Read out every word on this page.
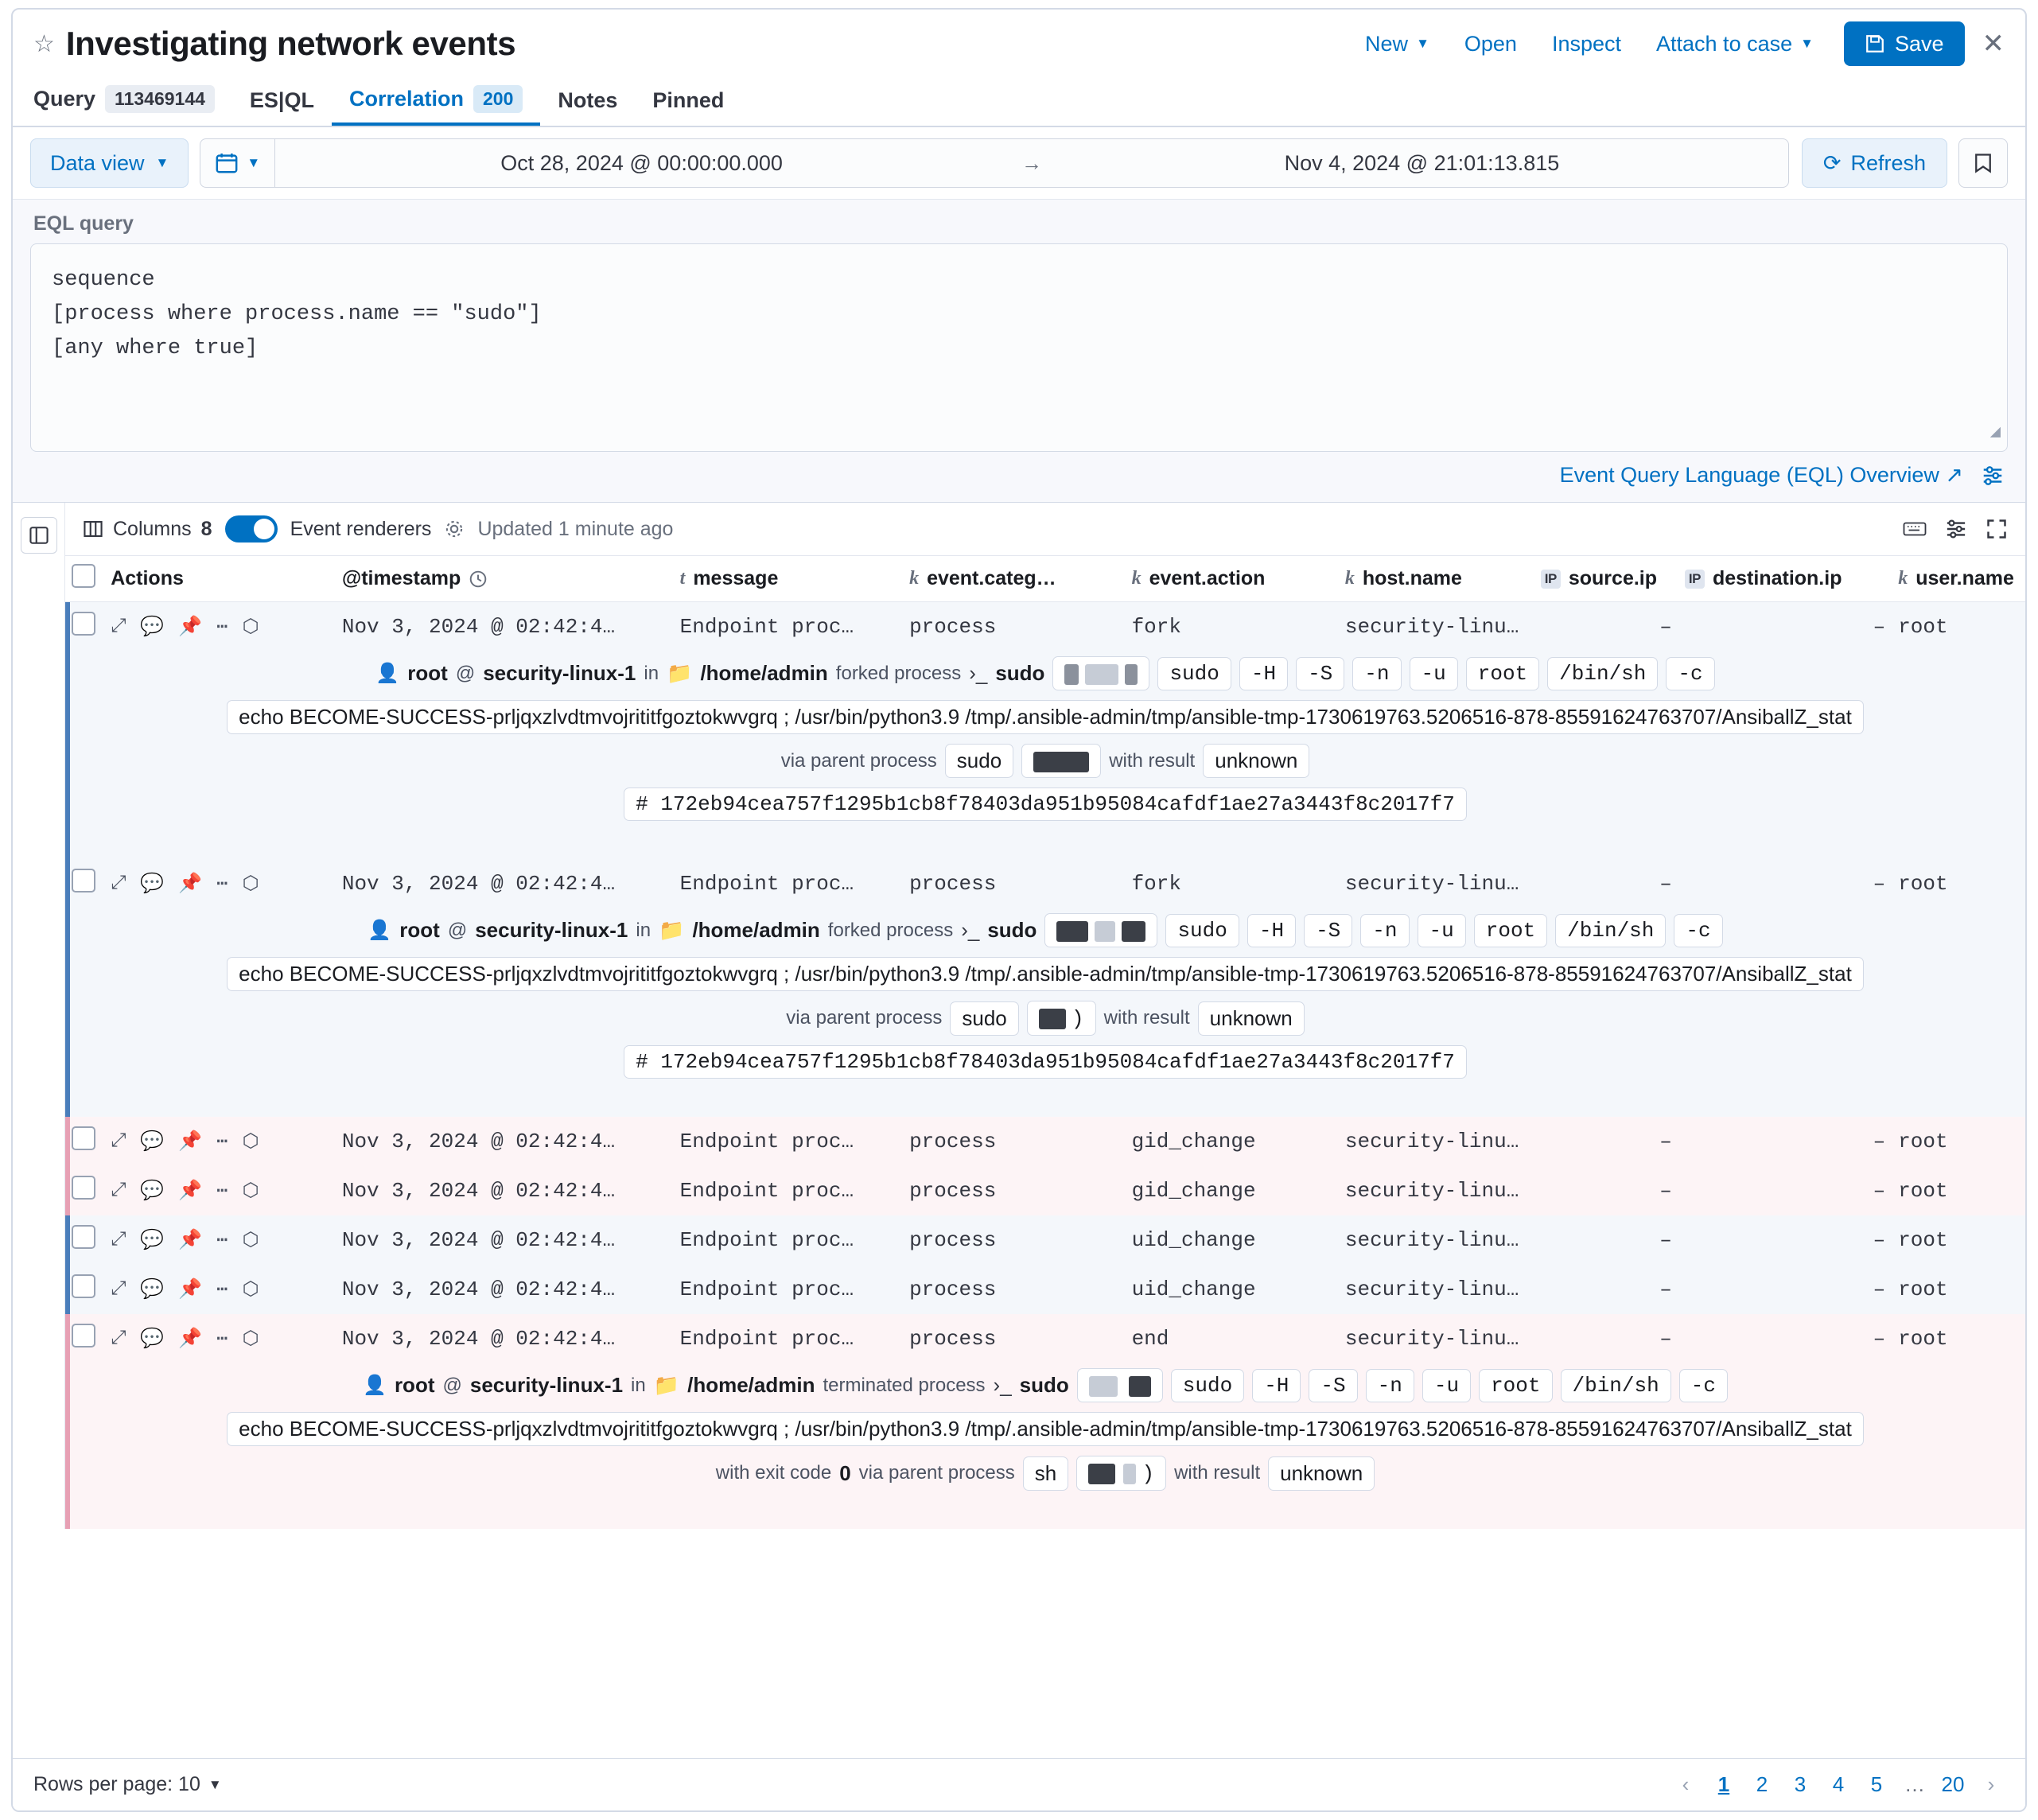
☆ Investigating network events	New ▼ Open Inspect Attach to case ▼	Save ✕
Query	113469144	ES|QL Correlation	200	Notes Pinned
Data view ▼	▼	Oct 28, 2024 @ 00:00:00.000	→	Nov 4, 2024 @ 21:01:13.815	⟳ Refresh
EQL query
sequence
[process where process.name == "sudo"]
[any where true]
◢
Event Query Language (EQL) Overview ↗
Columns 8	Event renderers Updated 1 minute ago

	Actions	@timestamp	t message	k event.categ…	k event.action	k host.name	IP source.ip	IP destination.ip	k user.name

	⤢ 💬 📌 ⋯ ⬡	Nov 3, 2024 @ 02:42:4…	Endpoint proc…	process	fork	security-linu…	–	–	root

👤 root @ security-linux-1 in 📁 /home/admin forked process ›_ sudo	sudo	-H	-S	-n	-u	root	/bin/sh	-c
echo BECOME-SUCCESS-prljqxzlvdtmvojrititfgoztokwvgrq ; /usr/bin/python3.9 /tmp/.ansible-admin/tmp/ansible-tmp-1730619763.5206516-878-85591624763707/AnsiballZ_stat
via parent process sudo	with result unknown
# 172eb94cea757f1295b1cb8f78403da951b95084cafdf1ae27a3443f8c2017f7

	⤢ 💬 📌 ⋯ ⬡	Nov 3, 2024 @ 02:42:4…	Endpoint proc…	process	fork	security-linu…	–	–	root

👤 root @ security-linux-1 in 📁 /home/admin forked process ›_ sudo	sudo	-H	-S	-n	-u	root	/bin/sh	-c
echo BECOME-SUCCESS-prljqxzlvdtmvojrititfgoztokwvgrq ; /usr/bin/python3.9 /tmp/.ansible-admin/tmp/ansible-tmp-1730619763.5206516-878-85591624763707/AnsiballZ_stat
via parent process sudo	)	with result unknown
# 172eb94cea757f1295b1cb8f78403da951b95084cafdf1ae27a3443f8c2017f7

	⤢ 💬 📌 ⋯ ⬡	Nov 3, 2024 @ 02:42:4…	Endpoint proc…	process	gid_change	security-linu…	–	–	root

	⤢ 💬 📌 ⋯ ⬡	Nov 3, 2024 @ 02:42:4…	Endpoint proc…	process	gid_change	security-linu…	–	–	root

	⤢ 💬 📌 ⋯ ⬡	Nov 3, 2024 @ 02:42:4…	Endpoint proc…	process	uid_change	security-linu…	–	–	root

	⤢ 💬 📌 ⋯ ⬡	Nov 3, 2024 @ 02:42:4…	Endpoint proc…	process	uid_change	security-linu…	–	–	root

	⤢ 💬 📌 ⋯ ⬡	Nov 3, 2024 @ 02:42:4…	Endpoint proc…	process	end	security-linu…	–	–	root

👤 root @ security-linux-1 in 📁 /home/admin terminated process ›_ sudo	sudo	-H	-S	-n	-u	root	/bin/sh	-c
echo BECOME-SUCCESS-prljqxzlvdtmvojrititfgoztokwvgrq ; /usr/bin/python3.9 /tmp/.ansible-admin/tmp/ansible-tmp-1730619763.5206516-878-85591624763707/AnsiballZ_stat
with exit code 0 via parent process sh	)	with result unknown
Rows per page: 10 ▼	‹	1	2	3	4	5	… 20	›
